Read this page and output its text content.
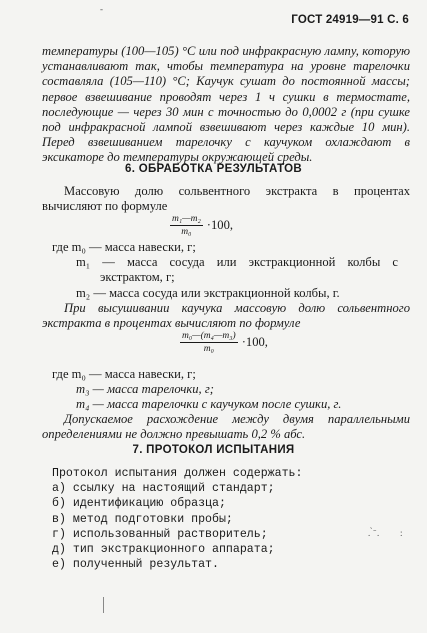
-
ГОСТ 24919—91 С. 6
температуры (100—105) °С или под инфракрасную лампу, которую устанавливают так, чтобы температура на уровне тарелочки составляла (105—110) °С; Каучук сушат до постоянной массы; первое взвешивание проводят через 1 ч сушки в термостате, последующие — через 30 мин с точностью до 0,0002 г (при сушке под инфракрасной лампой взвешивают через каждые 10 мин). Перед взвешиванием тарелочку с каучуком охлаждают в эксикаторе до температуры окружающей среды.
6. ОБРАБОТКА РЕЗУЛЬТАТОВ
Массовую долю сольвентного экстракта в процентах вычисляют по формуле
$\frac{\text{m₁—m₂}}{\text{m₀}} \cdot 100$,
где m₀ — масса навески, г;
m₁ — масса сосуда или экстракционной колбы с экстрактом, г;
m₂ — масса сосуда или экстракционной колбы, г.
При высушивании каучука массовую долю сольвентного экстракта в процентах вычисляют по формуле
$\frac{\text{m₀—(m₄—m₃)}}{\text{m₀}} \cdot 100$,
где m₀ — масса навески, г;
m₃ — масса тарелочки, г;
m₄ — масса тарелочки с каучуком после сушки, г.
Допускаемое расхождение между двумя параллельными определениями не должно превышать 0,2 % абс.
7. ПРОТОКОЛ ИСПЫТАНИЯ
Протокол испытания должен содержать:
а) ссылку на настоящий стандарт;
б) идентификацию образца;
в) метод подготовки пробы;
г) использованный растворитель;
д) тип экстракционного аппарата;
е) полученный результат.
. ̀ ̄ . :
